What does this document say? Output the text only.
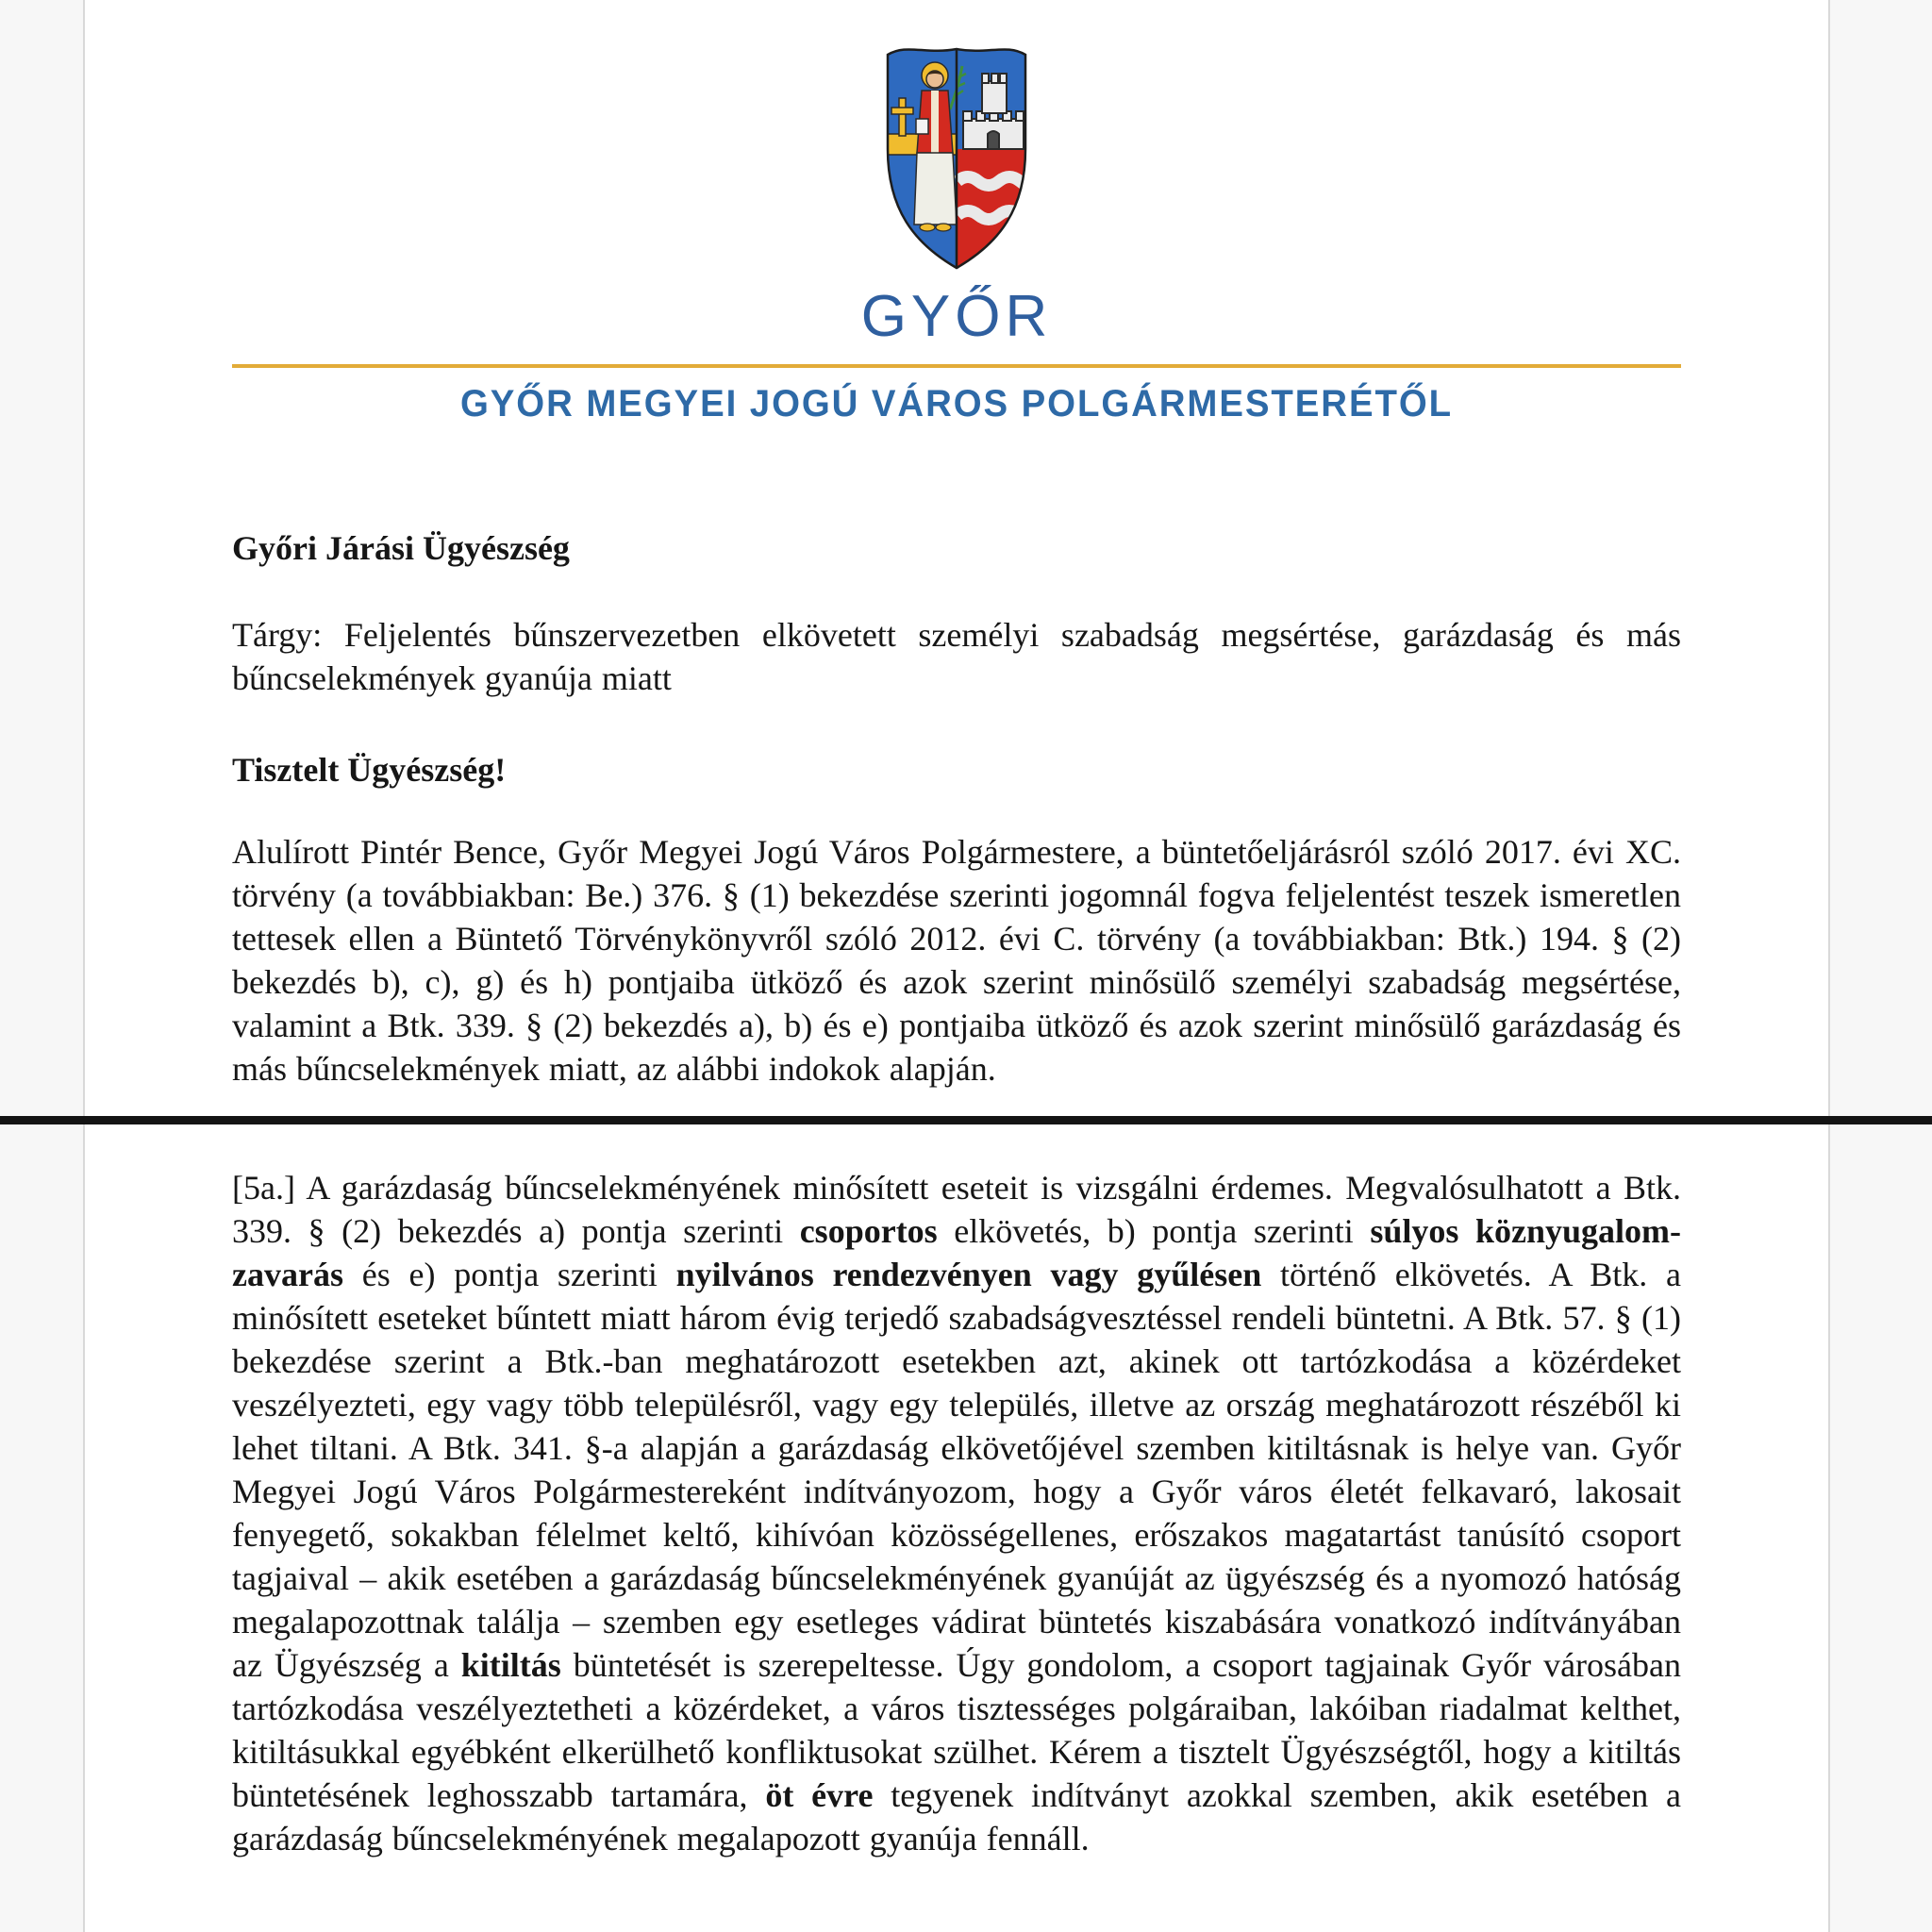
GYŐR
GYŐR MEGYEI JOGÚ VÁROS POLGÁRMESTERÉTŐL
Győri Járási Ügyészség

Tárgy: Feljelentés bűnszervezetben elkövetett személyi szabadság megsértése, garázdaság és más bűncselekmények gyanúja miatt

Tisztelt Ügyészség!

Alulírott Pintér Bence, Győr Megyei Jogú Város Polgármestere, a büntetőeljárásról szóló 2017. évi XC. törvény (a továbbiakban: Be.) 376. § (1) bekezdése szerinti jogomnál fogva feljelentést teszek ismeretlen tettesek ellen a Büntető Törvénykönyvről szóló 2012. évi C. törvény (a továbbiakban: Btk.) 194. § (2) bekezdés b), c), g) és h) pontjaiba ütköző és azok szerint minősülő személyi szabadság megsértése, valamint a Btk. 339. § (2) bekezdés a), b) és e) pontjaiba ütköző és azok szerint minősülő garázdaság és más bűncselekmények miatt, az alábbi indokok alapján.

[5a.] A garázdaság bűncselekményének minősített eseteit is vizsgálni érdemes. Megvalósulhatott a Btk. 339. § (2) bekezdés a) pontja szerinti csoportos elkövetés, b) pontja szerinti súlyos köznyugalom-zavarás és e) pontja szerinti nyilvános rendezvényen vagy gyűlésen történő elkövetés. A Btk. a minősített eseteket bűntett miatt három évig terjedő szabadságvesztéssel rendeli büntetni. A Btk. 57. § (1) bekezdése szerint a Btk.-ban meghatározott esetekben azt, akinek ott tartózkodása a közérdeket veszélyezteti, egy vagy több településről, vagy egy település, illetve az ország meghatározott részéből ki lehet tiltani. A Btk. 341. §-a alapján a garázdaság elkövetőjével szemben kitiltásnak is helye van. Győr Megyei Jogú Város Polgármestereként indítványozom, hogy a Győr város életét felkavaró, lakosait fenyegető, sokakban félelmet keltő, kihívóan közösségellenes, erőszakos magatartást tanúsító csoport tagjaival – akik esetében a garázdaság bűncselekményének gyanúját az ügyészség és a nyomozó hatóság megalapozottnak találja – szemben egy esetleges vádirat büntetés kiszabására vonatkozó indítványában az Ügyészség a kitiltás büntetését is szerepeltesse. Úgy gondolom, a csoport tagjainak Győr városában tartózkodása veszélyeztetheti a közérdeket, a város tisztességes polgáraiban, lakóiban riadalmat kelthet, kitiltásukkal egyébként elkerülhető konfliktusokat szülhet. Kérem a tisztelt Ügyészségtől, hogy a kitiltás büntetésének leghosszabb tartamára, öt évre tegyenek indítványt azokkal szemben, akik esetében a garázdaság bűncselekményének megalapozott gyanúja fennáll.
